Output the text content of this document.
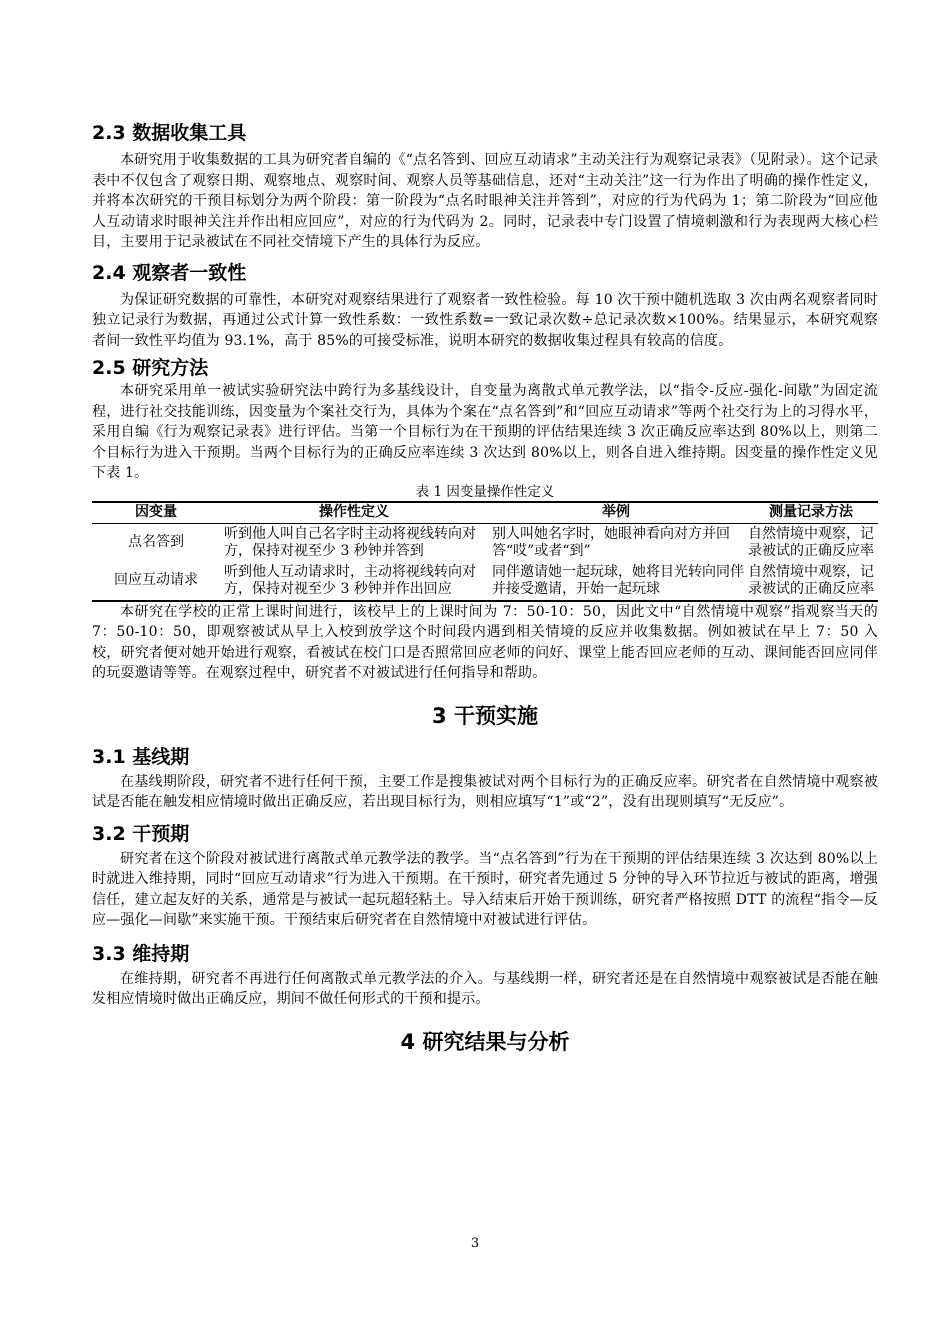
2.3 数据收集工具

本研究用于收集数据的工具为研究者自编的《“点名答到、回应互动请求”主动关注行为观察记录表》（见附录）。这个记录表中不仅包含了观察日期、观察地点、观察时间、观察人员等基础信息，还对“主动关注”这一行为作出了明确的操作性定义，并将本次研究的干预目标划分为两个阶段：第一阶段为“点名时眼神关注并答到”，对应的行为代码为 1；第二阶段为“回应他人互动请求时眼神关注并作出相应回应”，对应的行为代码为 2。同时，记录表中专门设置了情境刺激和行为表现两大核心栏目，主要用于记录被试在不同社交情境下产生的具体行为反应。

2.4 观察者一致性

为保证研究数据的可靠性，本研究对观察结果进行了观察者一致性检验。每 10 次干预中随机选取 3 次由两名观察者同时独立记录行为数据，再通过公式计算一致性系数：一致性系数=一致记录次数÷总记录次数×100%。结果显示，本研究观察者间一致性平均值为 93.1%，高于 85%的可接受标准，说明本研究的数据收集过程具有较高的信度。

2.5 研究方法

本研究采用单一被试实验研究法中跨行为多基线设计，自变量为离散式单元教学法，以“指令-反应-强化-间歇”为固定流程，进行社交技能训练，因变量为个案社交行为，具体为个案在“点名答到”和“回应互动请求”等两个社交行为上的习得水平，采用自编《行为观察记录表》进行评估。当第一个目标行为在干预期的评估结果连续 3 次正确反应率达到 80%以上，则第二个目标行为进入干预期。当两个目标行为的正确反应率连续 3 次达到 80%以上，则各自进入维持期。因变量的操作性定义见下表 1。

表 1 因变量操作性定义

因变量	操作性定义	举例	测量记录方法
点名答到	听到他人叫自己名字时主动将视线转向对方，保持对视至少 3 秒钟并答到	别人叫她名字时，她眼神看向对方并回答“哎”或者“到”	自然情境中观察，记录被试的正确反应率
回应互动请求	听到他人互动请求时，主动将视线转向对方，保持对视至少 3 秒钟并作出回应	同伴邀请她一起玩球，她将目光转向同伴并接受邀请，开始一起玩球	自然情境中观察，记录被试的正确反应率

本研究在学校的正常上课时间进行，该校早上的上课时间为 7：50-10：50，因此文中“自然情境中观察”指观察当天的 7：50-10：50，即观察被试从早上入校到放学这个时间段内遇到相关情境的反应并收集数据。例如被试在早上 7：50 入校，研究者便对她开始进行观察，看被试在校门口是否照常回应老师的问好、课堂上能否回应老师的互动、课间能否回应同伴的玩耍邀请等等。在观察过程中，研究者不对被试进行任何指导和帮助。

3 干预实施
3.1 基线期

在基线期阶段，研究者不进行任何干预，主要工作是搜集被试对两个目标行为的正确反应率。研究者在自然情境中观察被试是否能在触发相应情境时做出正确反应，若出现目标行为，则相应填写“1”或“2”，没有出现则填写“无反应”。

3.2 干预期

研究者在这个阶段对被试进行离散式单元教学法的教学。当“点名答到”行为在干预期的评估结果连续 3 次达到 80%以上时就进入维持期，同时“回应互动请求”行为进入干预期。在干预时，研究者先通过 5 分钟的导入环节拉近与被试的距离，增强信任，建立起友好的关系，通常是与被试一起玩超轻粘土。导入结束后开始干预训练，研究者严格按照 DTT 的流程“指令—反应—强化—间歇”来实施干预。干预结束后研究者在自然情境中对被试进行评估。

3.3 维持期

在维持期，研究者不再进行任何离散式单元教学法的介入。与基线期一样，研究者还是在自然情境中观察被试是否能在触发相应情境时做出正确反应，期间不做任何形式的干预和提示。

4 研究结果与分析
3
